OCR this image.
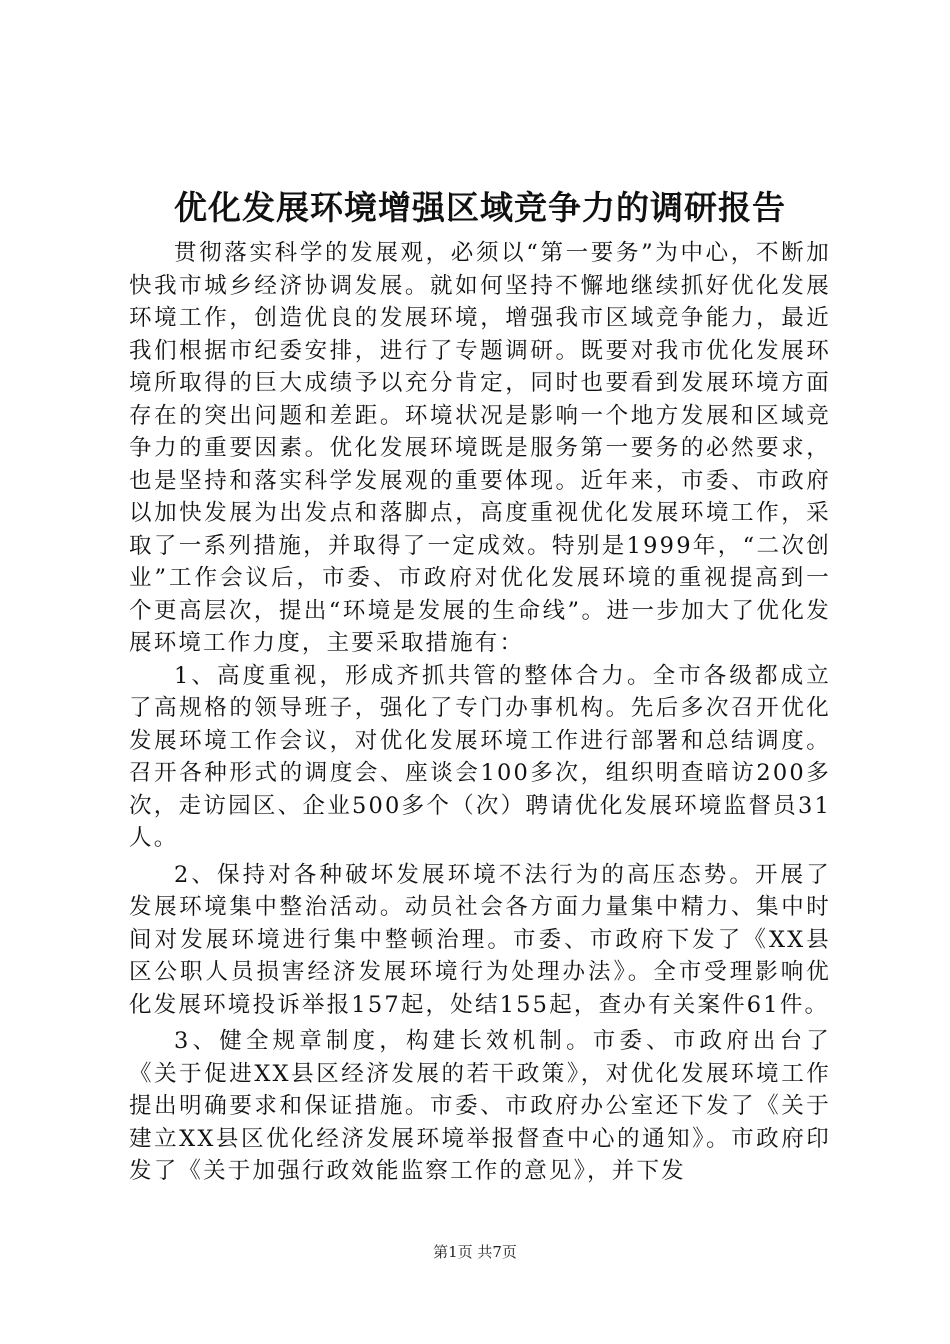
优化发展环境增强区域竞争力的调研报告

贯彻落实科学的发展观，必须以“第一要务”为中心，不断加快我市城乡经济协调发展。就如何坚持不懈地继续抓好优化发展环境工作，创造优良的发展环境，增强我市区域竞争能力，最近我们根据市纪委安排，进行了专题调研。既要对我市优化发展环境所取得的巨大成绩予以充分肯定，同时也要看到发展环境方面存在的突出问题和差距。环境状况是影响一个地方发展和区域竞争力的重要因素。优化发展环境既是服务第一要务的必然要求，也是坚持和落实科学发展观的重要体现。近年来，市委、市政府以加快发展为出发点和落脚点，高度重视优化发展环境工作，采取了一系列措施，并取得了一定成效。特别是1999年，“二次创业”工作会议后，市委、市政府对优化发展环境的重视提高到一个更高层次，提出“环境是发展的生命线”。进一步加大了优化发展环境工作力度，主要采取措施有：

1、高度重视，形成齐抓共管的整体合力。全市各级都成立了高规格的领导班子，强化了专门办事机构。先后多次召开优化发展环境工作会议，对优化发展环境工作进行部署和总结调度。召开各种形式的调度会、座谈会100多次，组织明查暗访200多次，走访园区、企业500多个（次）聘请优化发展环境监督员31人。

2、保持对各种破坏发展环境不法行为的高压态势。开展了发展环境集中整治活动。动员社会各方面力量集中精力、集中时间对发展环境进行集中整顿治理。市委、市政府下发了《XX县区公职人员损害经济发展环境行为处理办法》。全市受理影响优化发展环境投诉举报157起，处结155起，查办有关案件61件。

3、健全规章制度，构建长效机制。市委、市政府出台了《关于促进XX县区经济发展的若干政策》，对优化发展环境工作提出明确要求和保证措施。市委、市政府办公室还下发了《关于建立XX县区优化经济发展环境举报督查中心的通知》。市政府印发了《关于加强行政效能监察工作的意见》，并下发

第1页 共7页
